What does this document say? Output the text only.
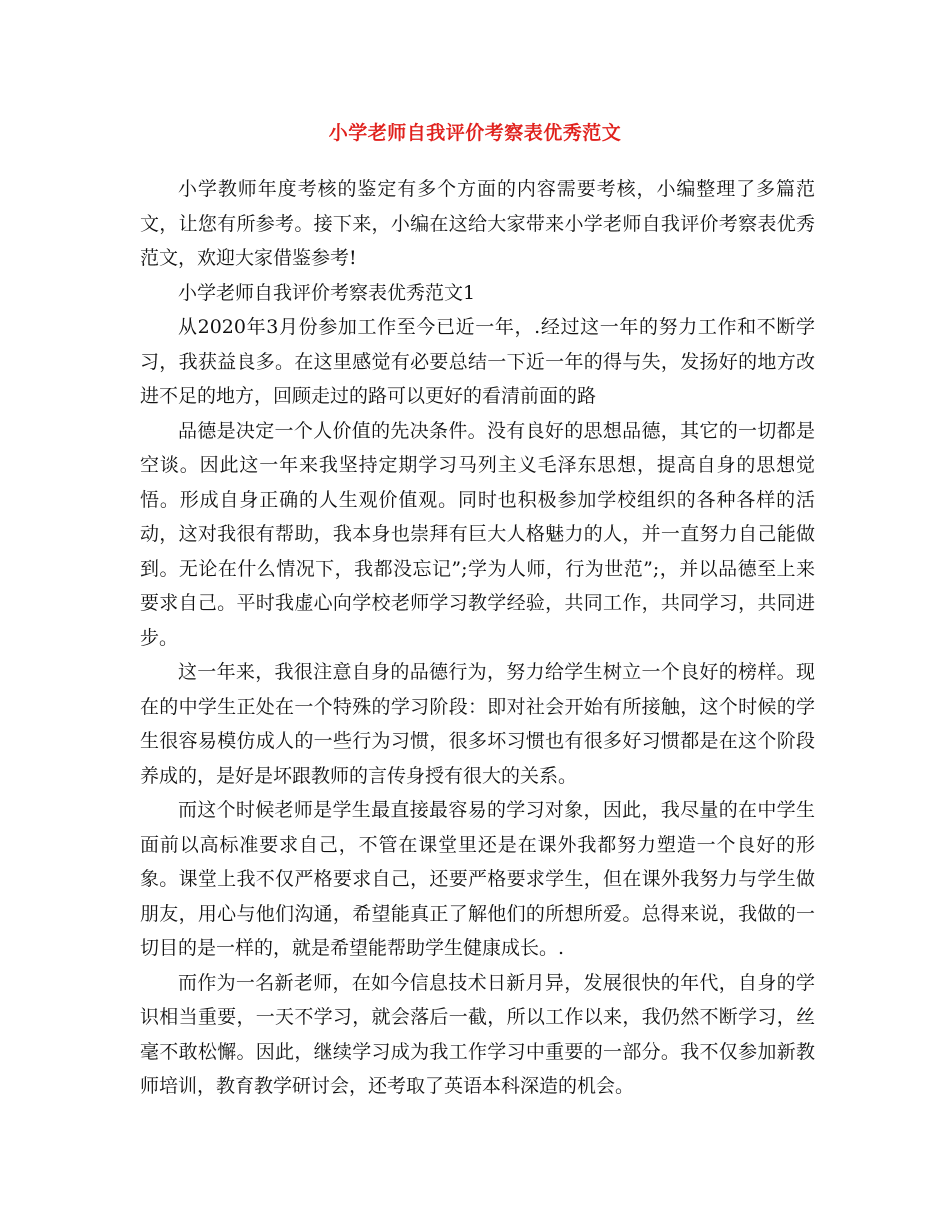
小学老师自我评价考察表优秀范文

小学教师年度考核的鉴定有多个方面的内容需要考核，小编整理了多篇范文，让您有所参考。接下来，小编在这给大家带来小学老师自我评价考察表优秀范文，欢迎大家借鉴参考!

小学老师自我评价考察表优秀范文1

从2020年3月份参加工作至今已近一年，.经过这一年的努力工作和不断学习，我获益良多。在这里感觉有必要总结一下近一年的得与失，发扬好的地方改进不足的地方，回顾走过的路可以更好的看清前面的路

品德是决定一个人价值的先决条件。没有良好的思想品德，其它的一切都是空谈。因此这一年来我坚持定期学习马列主义毛泽东思想，提高自身的思想觉悟。形成自身正确的人生观价值观。同时也积极参加学校组织的各种各样的活动，这对我很有帮助，我本身也崇拜有巨大人格魅力的人，并一直努力自己能做到。无论在什么情况下，我都没忘记”;学为人师，行为世范”;，并以品德至上来要求自己。平时我虚心向学校老师学习教学经验，共同工作，共同学习，共同进步。

这一年来，我很注意自身的品德行为，努力给学生树立一个良好的榜样。现在的中学生正处在一个特殊的学习阶段：即对社会开始有所接触，这个时候的学生很容易模仿成人的一些行为习惯，很多坏习惯也有很多好习惯都是在这个阶段养成的，是好是坏跟教师的言传身授有很大的关系。

而这个时候老师是学生最直接最容易的学习对象，因此，我尽量的在中学生面前以高标准要求自己，不管在课堂里还是在课外我都努力塑造一个良好的形象。课堂上我不仅严格要求自己，还要严格要求学生，但在课外我努力与学生做朋友，用心与他们沟通，希望能真正了解他们的所想所爱。总得来说，我做的一切目的是一样的，就是希望能帮助学生健康成长。.

而作为一名新老师，在如今信息技术日新月异，发展很快的年代，自身的学识相当重要，一天不学习，就会落后一截，所以工作以来，我仍然不断学习，丝毫不敢松懈。因此，继续学习成为我工作学习中重要的一部分。我不仅参加新教师培训，教育教学研讨会，还考取了英语本科深造的机会。
